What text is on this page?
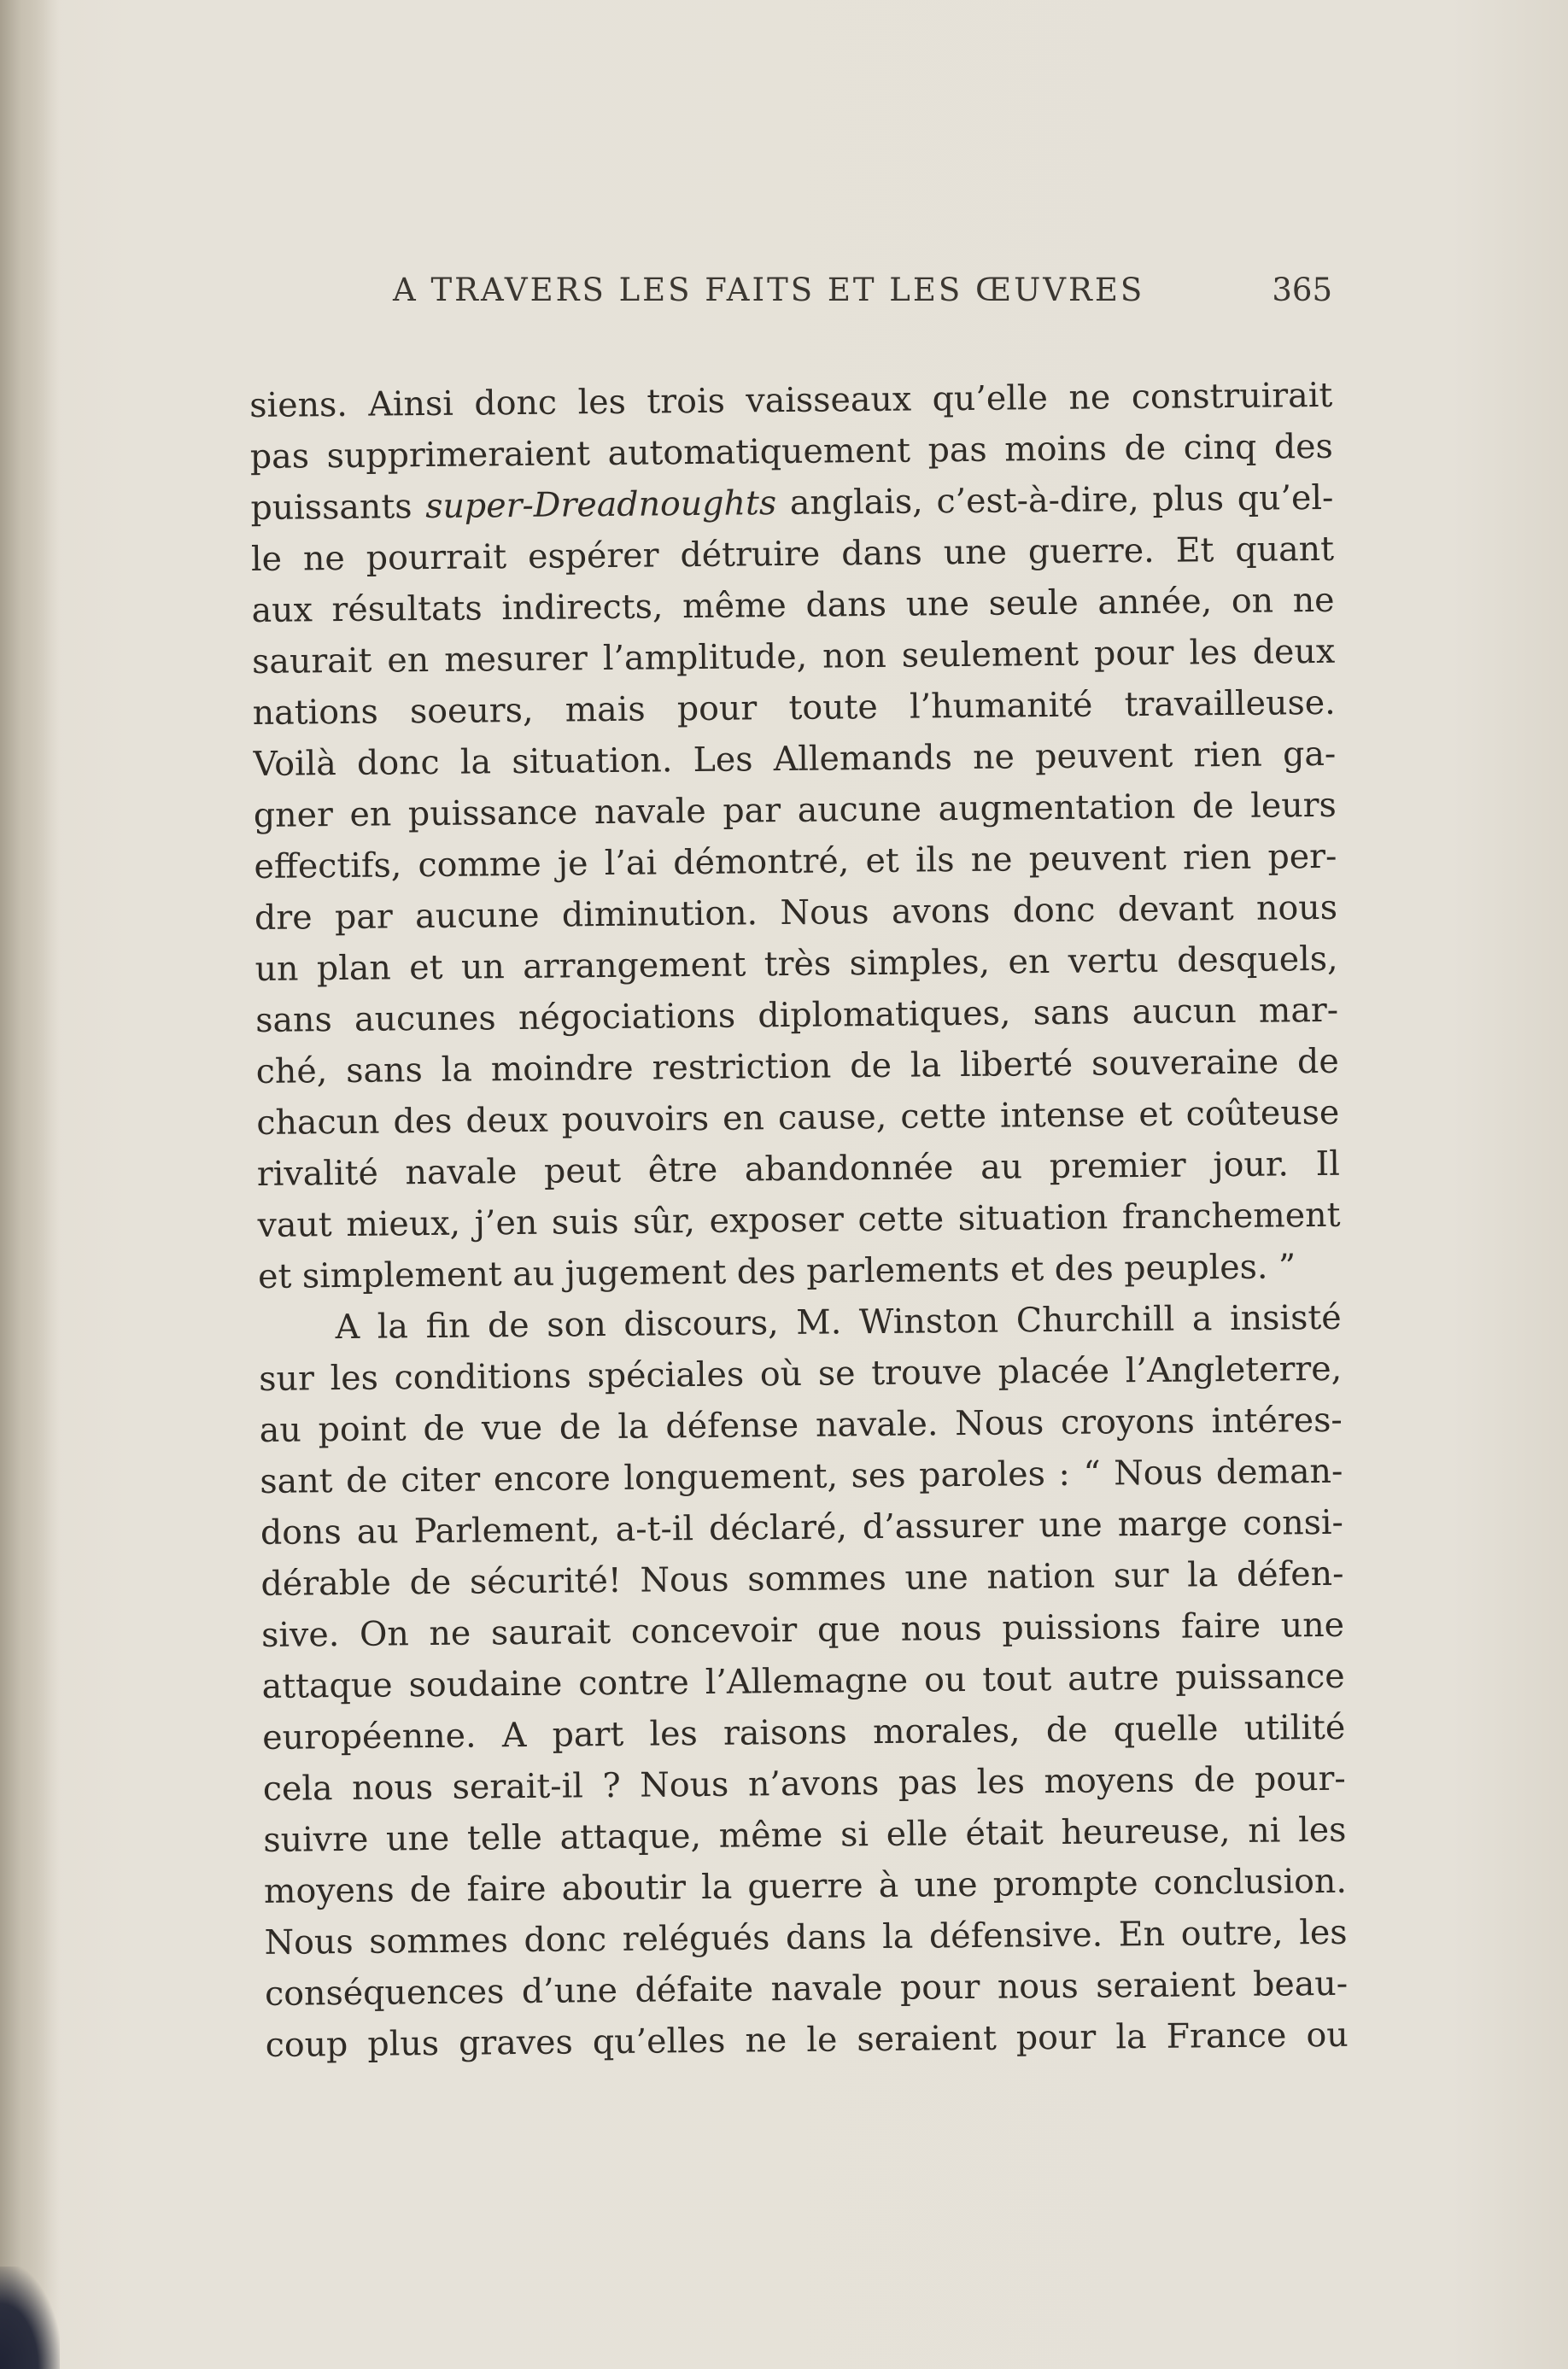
A TRAVERS LES FAITS ET LES ŒUVRES	365
siens. Ainsi donc les trois vaisseaux qu’elle ne construirait
pas supprimeraient automatiquement pas moins de cinq des
puissants super-Dreadnoughts anglais, c’est-à-dire, plus qu’el-
le ne pourrait espérer détruire dans une guerre. Et quant
aux résultats indirects, même dans une seule année, on ne
saurait en mesurer l’amplitude, non seulement pour les deux
nations soeurs, mais pour toute l’humanité travailleuse.
Voilà donc la situation. Les Allemands ne peuvent rien ga-
gner en puissance navale par aucune augmentation de leurs
effectifs, comme je l’ai démontré, et ils ne peuvent rien per-
dre par aucune diminution. Nous avons donc devant nous
un plan et un arrangement très simples, en vertu desquels,
sans aucunes négociations diplomatiques, sans aucun mar-
ché, sans la moindre restriction de la liberté souveraine de
chacun des deux pouvoirs en cause, cette intense et coûteuse
rivalité navale peut être abandonnée au premier jour. Il
vaut mieux, j’en suis sûr, exposer cette situation franchement
et simplement au jugement des parlements et des peuples. ”
A la fin de son discours, M. Winston Churchill a insisté
sur les conditions spéciales où se trouve placée l’Angleterre,
au point de vue de la défense navale. Nous croyons intéres-
sant de citer encore longuement, ses paroles : “ Nous deman-
dons au Parlement, a-t-il déclaré, d’assurer une marge consi-
dérable de sécurité! Nous sommes une nation sur la défen-
sive. On ne saurait concevoir que nous puissions faire une
attaque soudaine contre l’Allemagne ou tout autre puissance
européenne. A part les raisons morales, de quelle utilité
cela nous serait-il ? Nous n’avons pas les moyens de pour-
suivre une telle attaque, même si elle était heureuse, ni les
moyens de faire aboutir la guerre à une prompte conclusion.
Nous sommes donc relégués dans la défensive. En outre, les
conséquences d’une défaite navale pour nous seraient beau-
coup plus graves qu’elles ne le seraient pour la France ou
